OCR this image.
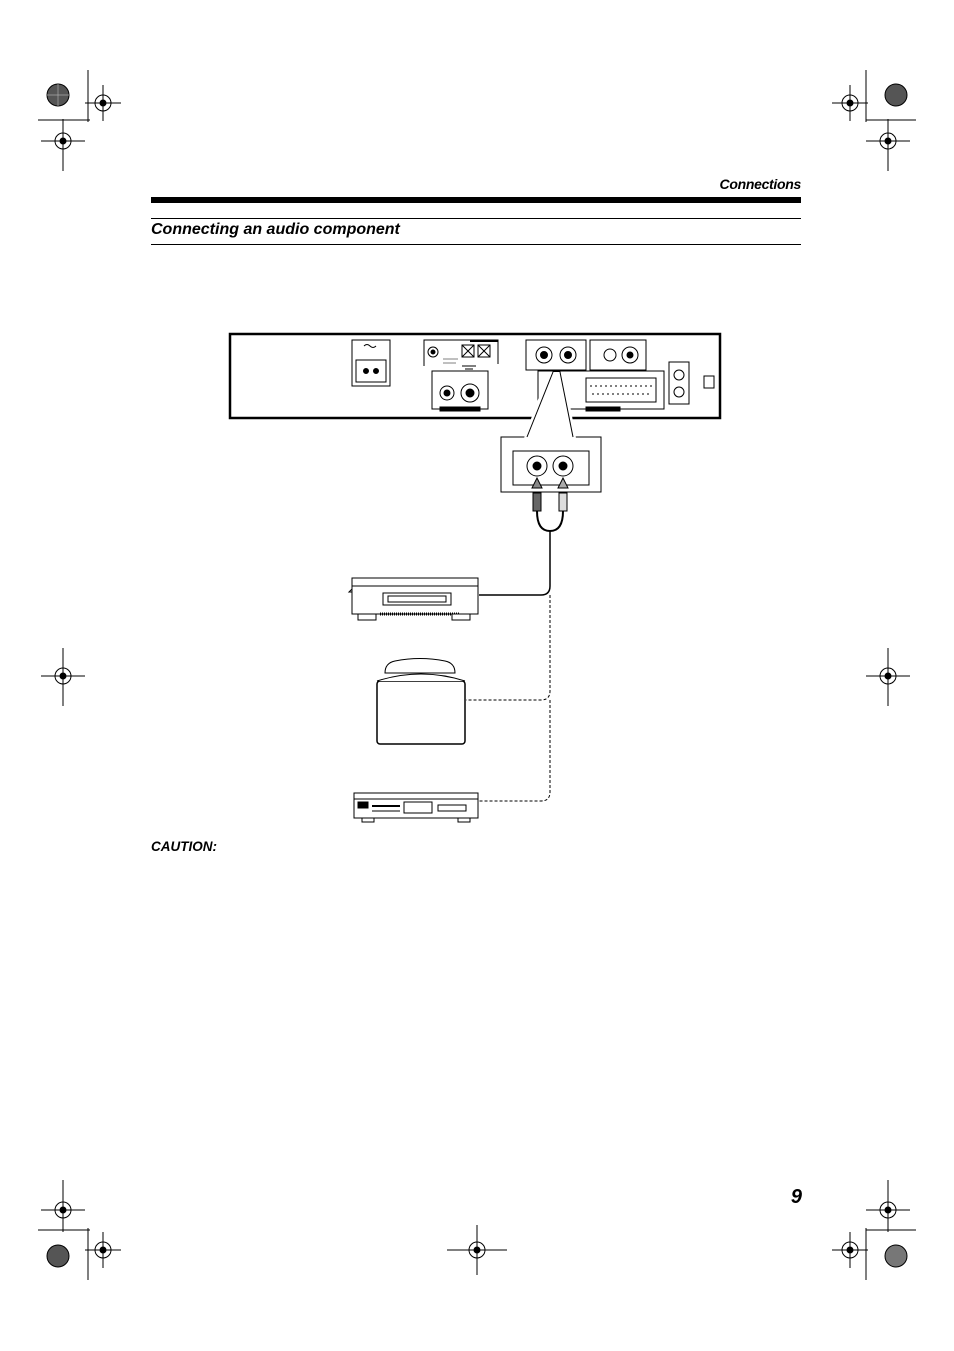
Connections
Connecting an audio component
CAUTION:
9
